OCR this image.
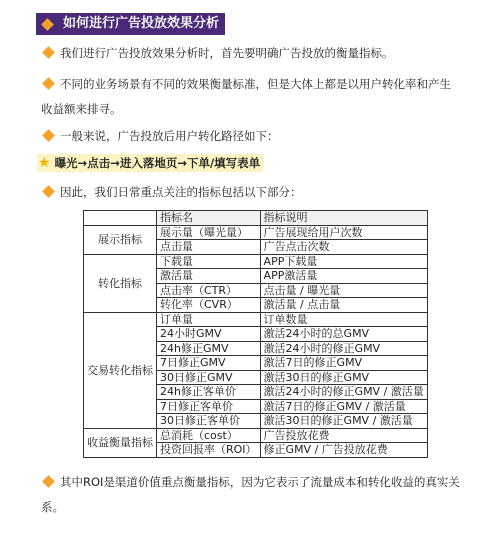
如何进行广告投放效果分析
我们进行广告投放效果分析时，首先要明确广告投放的衡量指标。
不同的业务场景有不同的效果衡量标准，但是大体上都是以用户转化率和产生收益额来排寻。
一般来说，广告投放后用户转化路径如下：
★ 曝光→点击→进入落地页→下单/填写表单
因此，我们日常重点关注的指标包括以下部分：
	指标名	指标说明
展示指标	展示量（曝光量）	广告展现给用户次数
	点击量	广告点击次数
转化指标	下载量	APP下载量
	激活量	APP激活量
	点击率（CTR）	点击量 / 曝光量
	转化率（CVR）	激活量 / 点击量
交易转化指标	订单量	订单数量
	24小时GMV	激活24小时的总GMV
	24h修正GMV	激活24小时的修正GMV
	7日修正GMV	激活7日的修正GMV
	30日修正GMV	激活30日的修正GMV
	24h修正客单价	激活24小时的修正GMV / 激活量
	7日修正客单价	激活7日的修正GMV / 激活量
	30日修正客单价	激活30日的修正GMV / 激活量
收益衡量指标	总消耗（cost）	广告投放花费
	投资回报率（ROI）	修正GMV / 广告投放花费
其中ROI是渠道价值重点衡量指标，因为它表示了流量成本和转化收益的真实关系。
